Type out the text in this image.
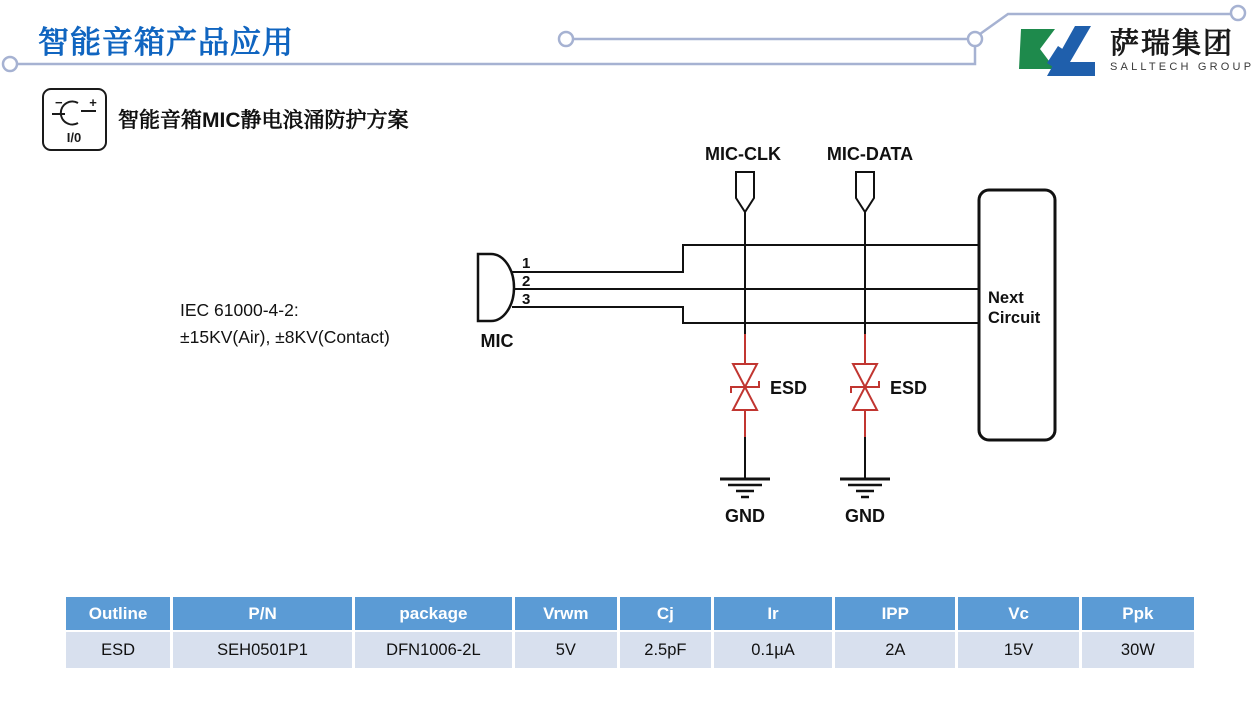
智能音箱产品应用	萨瑞集团
SALLTECH GROUP
− +
I/0
智能音箱MIC静电浪涌防护方案
IEC 61000-4-2:
±15KV(Air), ±8KV(Contact)
MIC-CLK	MIC-DATA
MIC
1
2
3	Next
Circuit
ESD
GND
ESD
GND
Outline	P/N	package	Vrwm	Cj	Ir	IPP	Vc	Ppk
ESD	SEH0501P1	DFN1006-2L	5V	2.5pF	0.1µA	2A	15V	30W
